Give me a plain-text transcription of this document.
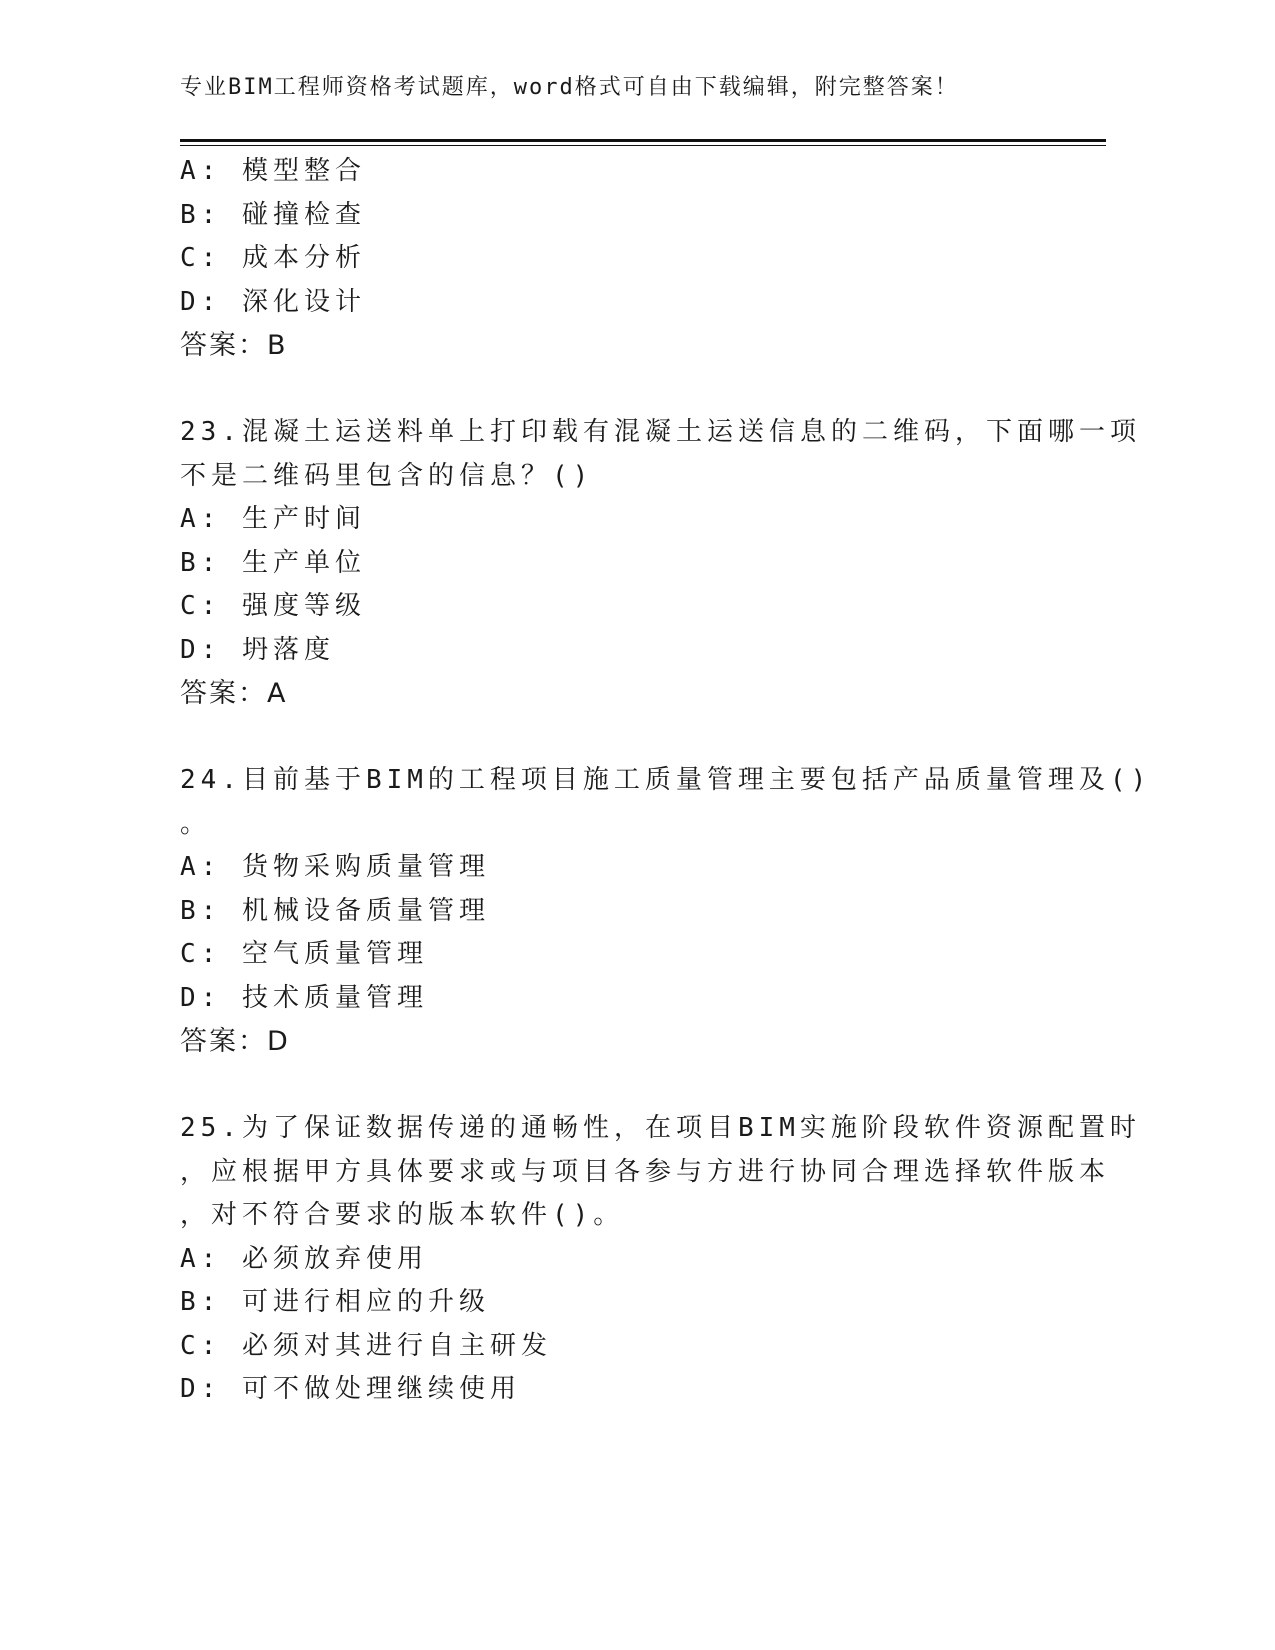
专业BIM工程师资格考试题库，word格式可自由下载编辑，附完整答案！
A: 模型整合
B: 碰撞检查
C: 成本分析
D: 深化设计
答案：B
23.混凝土运送料单上打印载有混凝土运送信息的二维码，下面哪一项
不是二维码里包含的信息？()
A: 生产时间
B: 生产单位
C: 强度等级
D: 坍落度
答案：A
24.目前基于BIM的工程项目施工质量管理主要包括产品质量管理及()
。
A: 货物采购质量管理
B: 机械设备质量管理
C: 空气质量管理
D: 技术质量管理
答案：D
25.为了保证数据传递的通畅性，在项目BIM实施阶段软件资源配置时
，应根据甲方具体要求或与项目各参与方进行协同合理选择软件版本
，对不符合要求的版本软件()。
A: 必须放弃使用
B: 可进行相应的升级
C: 必须对其进行自主研发
D: 可不做处理继续使用
